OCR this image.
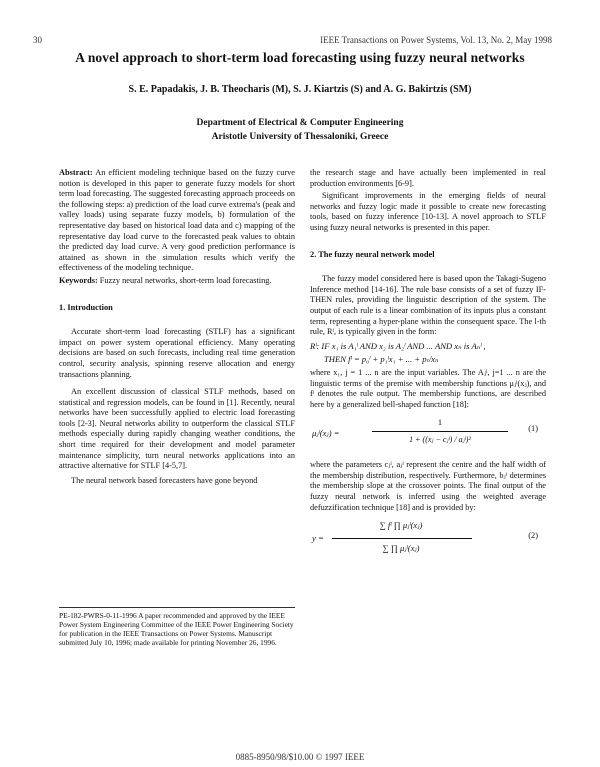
30	IEEE Transactions on Power Systems, Vol. 13, No. 2, May 1998
A novel approach to short-term load forecasting using fuzzy neural networks
S. E. Papadakis, J. B. Theocharis (M), S. J. Kiartzis (S) and A. G. Bakirtzis (SM)
Department of Electrical & Computer Engineering
Aristotle University of Thessaloniki, Greece

Abstract: An efficient modeling technique based on the fuzzy curve notion is developed in this paper to generate fuzzy models for short term load forecasting. The suggested forecasting approach proceeds on the following steps: a) prediction of the load curve extrema's (peak and valley loads) using separate fuzzy models, b) formulation of the representative day based on historical load data and c) mapping of the representative day load curve to the forecasted peak values to obtain the predicted day load curve. A very good prediction performance is attained as shown in the simulation results which verify the effectiveness of the modeling technique.

Keywords: Fuzzy neural networks, short-term load forecasting.

1. Introduction

Accurate short-term load forecasting (STLF) has a significant impact on power system operational efficiency. Many operating decisions are based on such forecasts, including real time generation control, security analysis, spinning reserve allocation and energy transactions planning.

An excellent discussion of classical STLF methods, based on statistical and regression models, can be found in [1]. Recently, neural networks have been successfully applied to electric load forecasting tools [2-3]. Neural networks ability to outperform the classical STLF methods especially during rapidly changing weather conditions, the short time required for their development and model parameter maintenance simplicity, turn neural networks applications into an attractive alternative for STLF [4-5,7].

The neural network based forecasters have gone beyond

PE-182-PWRS-0-11-1996 A paper recommended and approved by the IEEE Power System Engineering Committee of the IEEE Power Engineering Society for publication in the IEEE Transactions on Power Systems. Manuscript submitted July 10, 1996; made available for printing November 26, 1996.

the research stage and have actually been implemented in real production environments [6-9].

Significant improvements in the emerging fields of neural networks and fuzzy logic made it possible to create new forecasting tools, based on fuzzy inference [10-13]. A novel approach to STLF using fuzzy neural networks is presented in this paper.

2. The fuzzy neural network model

The fuzzy model considered here is based upon the Takagi-Sugeno Inference method [14-16]. The rule base consists of a set of fuzzy IF-THEN rules, providing the linguistic description of the system. The output of each rule is a linear combination of its inputs plus a constant term, representing a hyper-plane within the consequent space. The l-th rule, Rˡ, is typically given in the form:

Rˡ: IF x₁ is A₁ˡ AND x₂ is A₂ˡ AND ... AND xₙ is Aₙˡ ,

THEN fˡ = p₀ˡ + p₁ˡx₁ + ... + pₙˡxₙ

where x₁, j = 1 ... n are the input variables. The Aⱼˡ, j=1 ... n are the linguistic terms of the premise with membership functions μⱼˡ(xⱼ), and fˡ denotes the rule output. The membership functions, are described here by a generalized bell-shaped function [18]:

μⱼˡ(xⱼ) =
1
1 + ((xⱼ − cⱼˡ) / aⱼˡ)²
(1)

where the parameters cⱼˡ, aⱼˡ represent the centre and the half width of the membership distribution, respectively. Furthermore, bⱼˡ determines the membership slope at the crossover points. The final output of the fuzzy neural network is inferred using the weighted average defuzzification technique [18] and is provided by:

y =
∑ fˡ ∏ μⱼˡ(xⱼ)
∑ ∏ μⱼˡ(xⱼ)
(2)
0885-8950/98/$10.00 © 1997 IEEE
